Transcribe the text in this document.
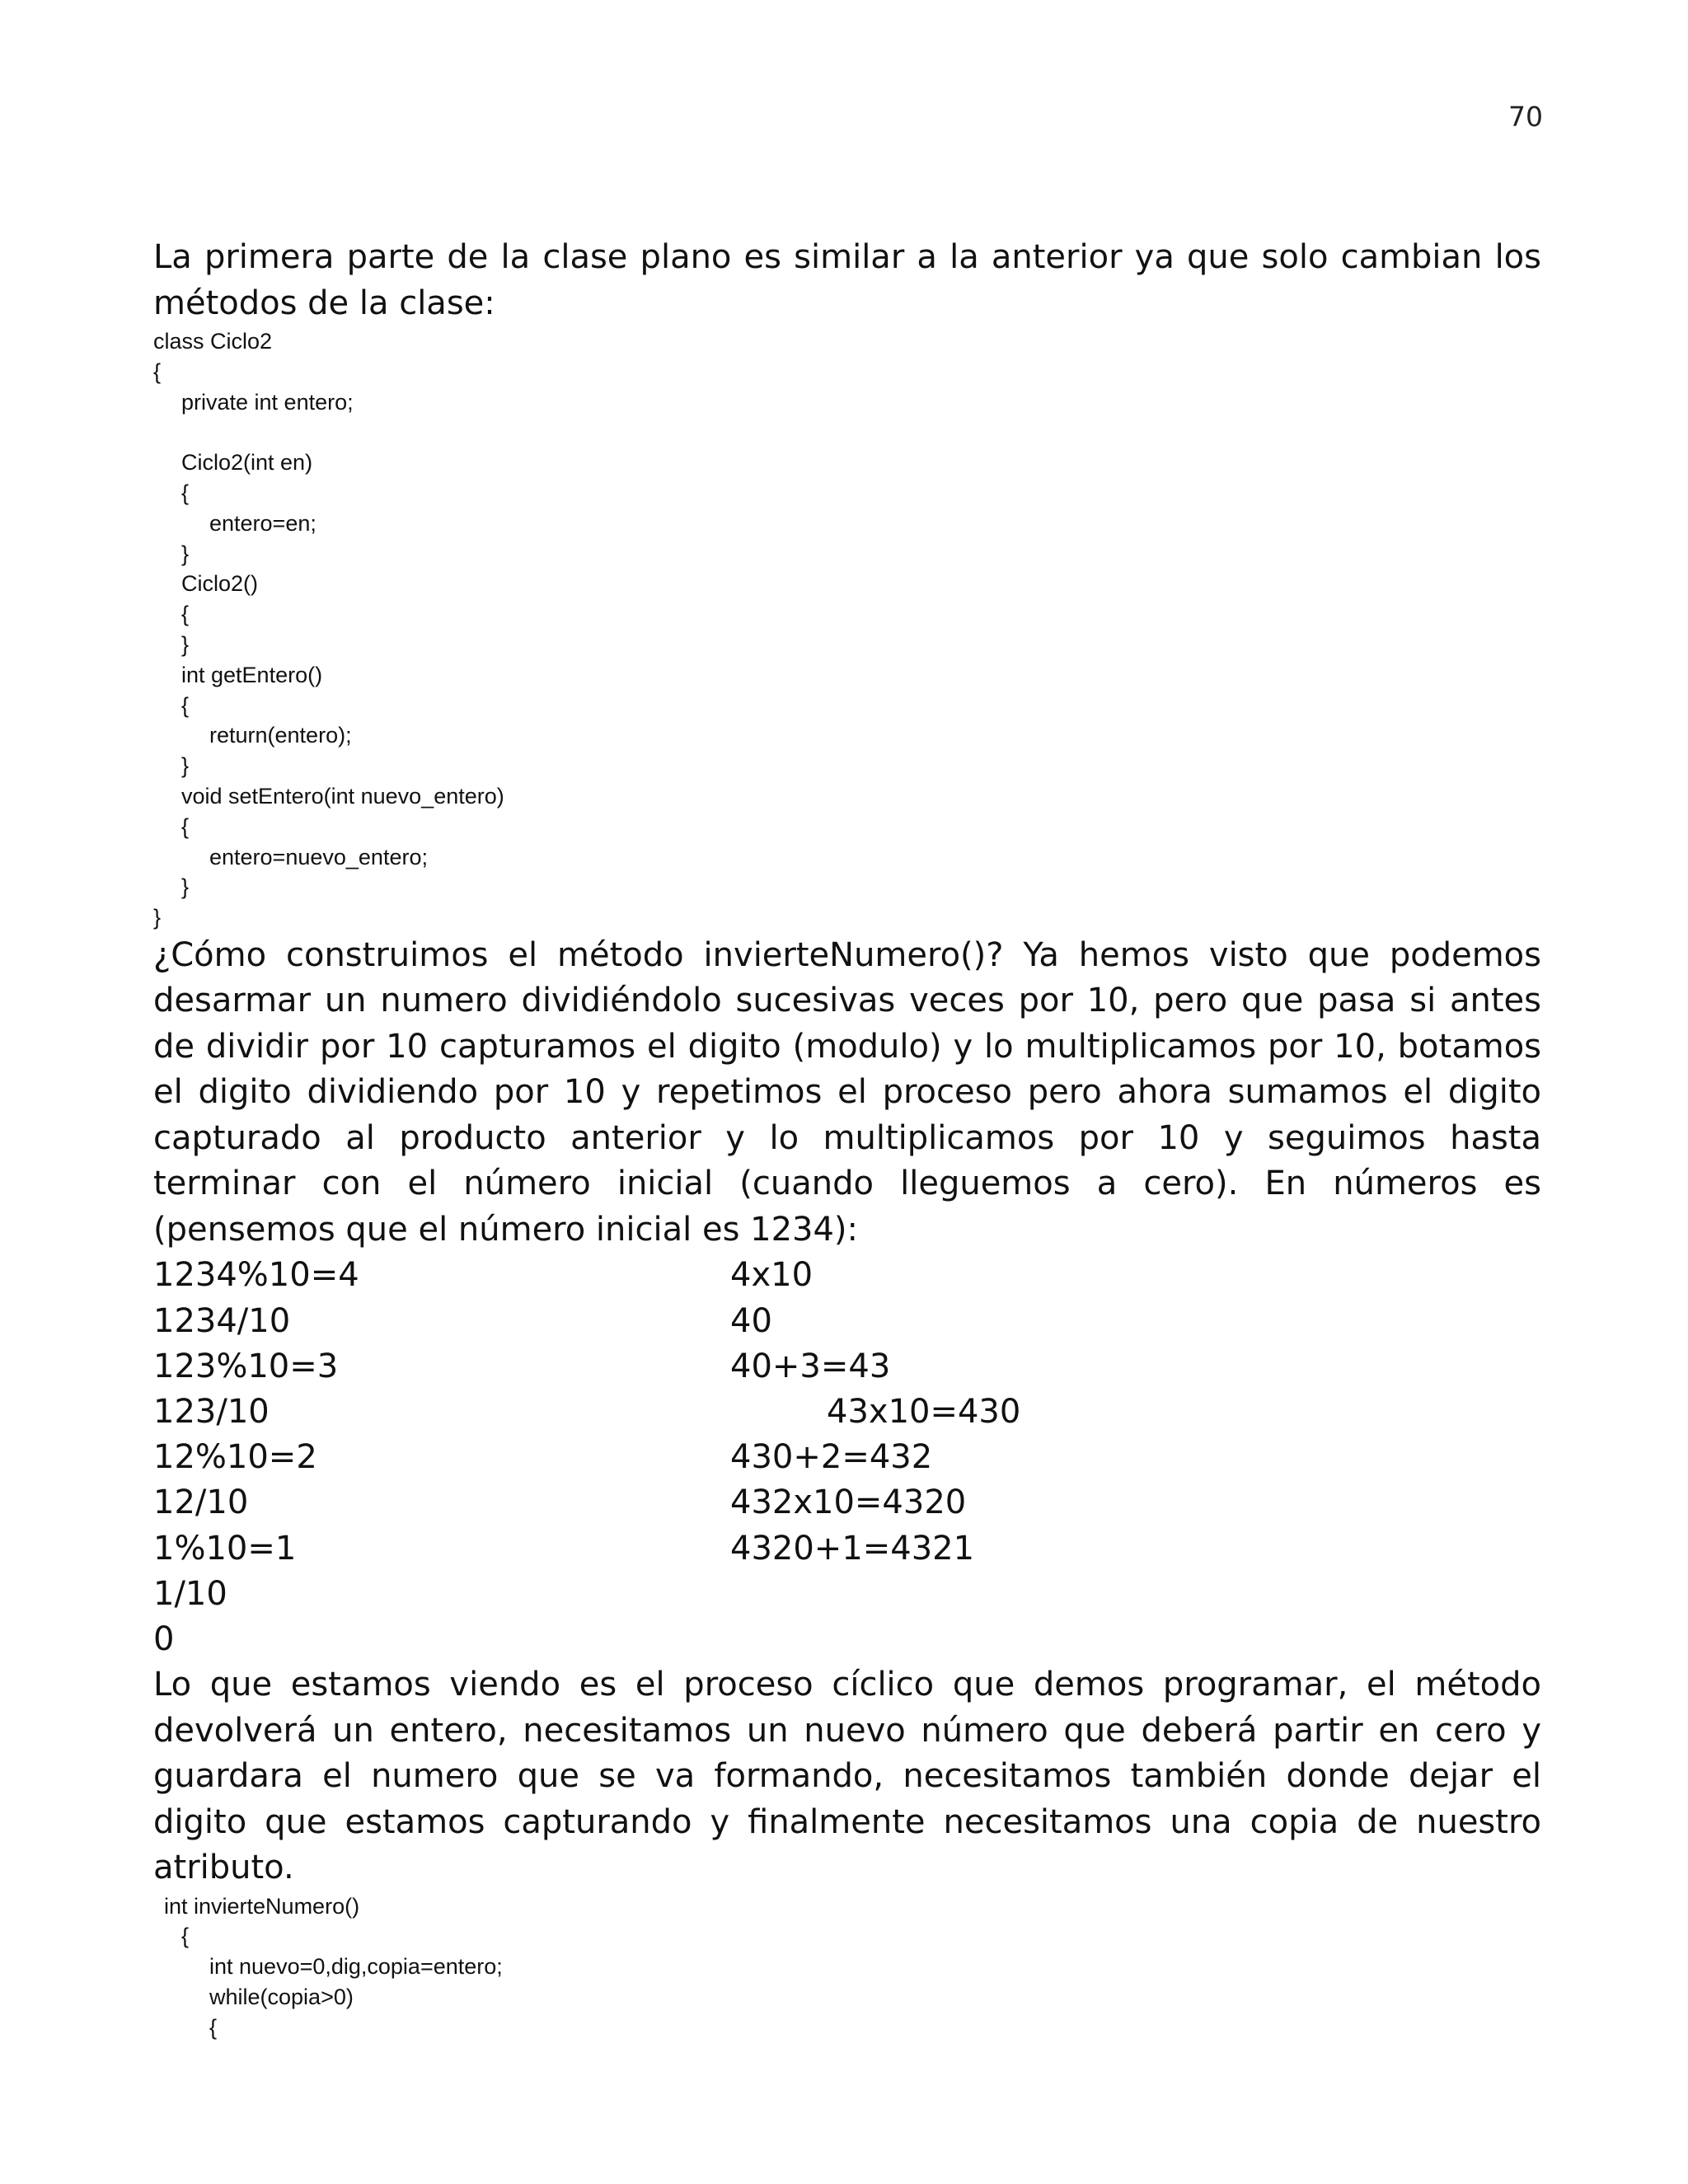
70

La primera parte de la clase plano es similar a la anterior ya que solo cambian los métodos de la clase:

class Ciclo2
{
private int entero;
Ciclo2(int en)
{
entero=en;
}
Ciclo2()
{
}
int getEntero()
{
return(entero);
}
void setEntero(int nuevo_entero)
{
entero=nuevo_entero;
}
}

¿Cómo construimos el método invierteNumero()? Ya hemos visto que podemos desarmar un numero dividiéndolo sucesivas veces por 10, pero que pasa si antes de dividir por 10 capturamos el digito (modulo) y lo multiplicamos por 10, botamos el digito dividiendo por 10 y repetimos el proceso pero ahora sumamos el digito capturado al producto anterior y lo multiplicamos por 10 y seguimos hasta terminar con el número inicial (cuando lleguemos a cero). En números es (pensemos que el número inicial es 1234):

1234%10=4	4x10
1234/10	40
123%10=3	40+3=43
123/10	43x10=430
12%10=2	430+2=432
12/10	432x10=4320
1%10=1	4320+1=4321
1/10
0

Lo que estamos viendo es el proceso cíclico que demos programar, el método devolverá un entero, necesitamos un nuevo número que deberá partir en cero y guardara el numero que se va formando, necesitamos también donde dejar el digito que estamos capturando y finalmente necesitamos una copia de nuestro atributo.

int invierteNumero()
{
int nuevo=0,dig,copia=entero;
while(copia>0)
{
